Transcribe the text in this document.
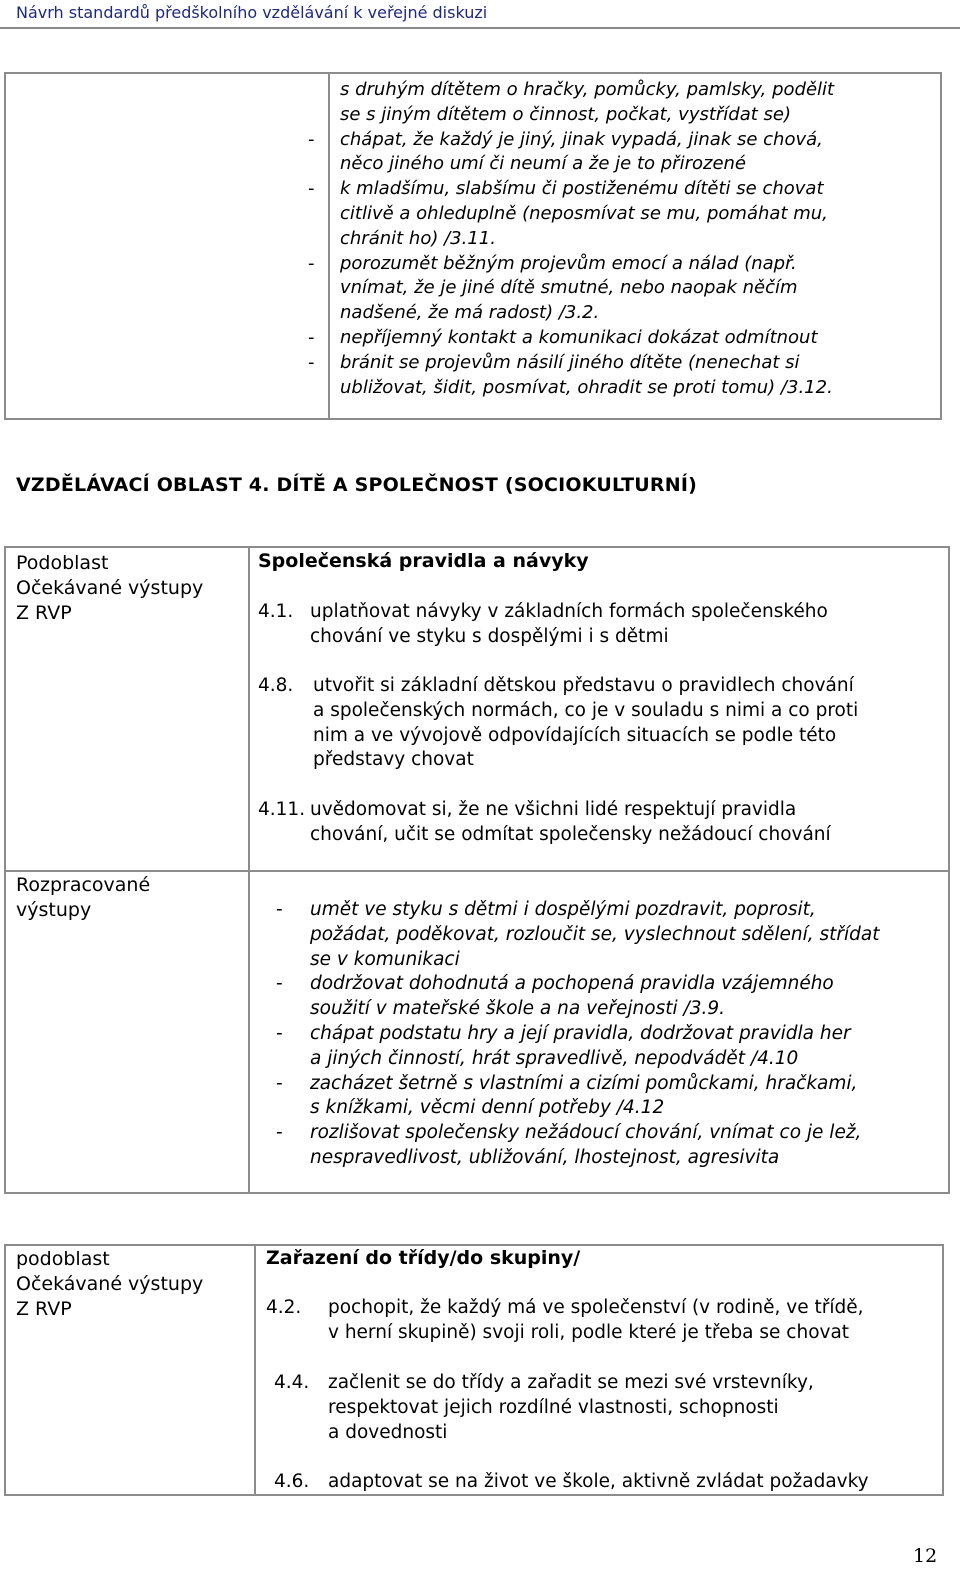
Návrh standardů předškolního vzdělávání k veřejné diskuzi
s druhým dítětem o hračky, pomůcky, pamlsky, podělit
se s jiným dítětem o činnost, počkat, vystřídat se)
- chápat, že každý je jiný, jinak vypadá, jinak se chová,
něco jiného umí či neumí a že je to přirozené
- k mladšímu, slabšímu či postiženému dítěti se chovat
citlivě a ohleduplně (neposmívat se mu, pomáhat mu,
chránit ho) /3.11.
- porozumět běžným projevům emocí a nálad (např.
vnímat, že je jiné dítě smutné, nebo naopak něčím
nadšené, že má radost) /3.2.
- nepříjemný kontakt a komunikaci dokázat odmítnout
- bránit se projevům násilí jiného dítěte (nenechat si
ubližovat, šidit, posmívat, ohradit se proti tomu) /3.12.
VZDĚLÁVACÍ OBLAST 4. DÍTĚ A SPOLEČNOST (SOCIOKULTURNÍ)
Podoblast
Očekávané výstupy
Z RVP
Společenská pravidla a návyky
4.1. uplatňovat návyky v základních formách společenského
chování ve styku s dospělými i s dětmi
4.8. utvořit si základní dětskou představu o pravidlech chování
a společenských normách, co je v souladu s nimi a co proti
nim a ve vývojově odpovídajících situacích se podle této
představy chovat
4.11. uvědomovat si, že ne všichni lidé respektují pravidla
chování, učit se odmítat společensky nežádoucí chování
Rozpracované
výstupy
-	umět ve styku s dětmi i dospělými pozdravit, poprosit,
požádat, poděkovat, rozloučit se, vyslechnout sdělení, střídat
se v komunikaci
- dodržovat dohodnutá a pochopená pravidla vzájemného
soužití v mateřské škole a na veřejnosti /3.9.
- chápat podstatu hry a její pravidla, dodržovat pravidla her
a jiných činností, hrát spravedlivě, nepodvádět /4.10
- zacházet šetrně s vlastními a cizími pomůckami, hračkami,
s knížkami, věcmi denní potřeby /4.12
- rozlišovat společensky nežádoucí chování, vnímat co je lež,
nespravedlivost, ubližování, lhostejnost, agresivita
podoblast
Očekávané výstupy
Z RVP
Zařazení do třídy/do skupiny/
4.2. pochopit, že každý má ve společenství (v rodině, ve třídě,
v herní skupině) svoji roli, podle které je třeba se chovat
4.4. začlenit se do třídy a zařadit se mezi své vrstevníky,
respektovat jejich rozdílné vlastnosti, schopnosti
a dovednosti
4.6. adaptovat se na život ve škole, aktivně zvládat požadavky
12
